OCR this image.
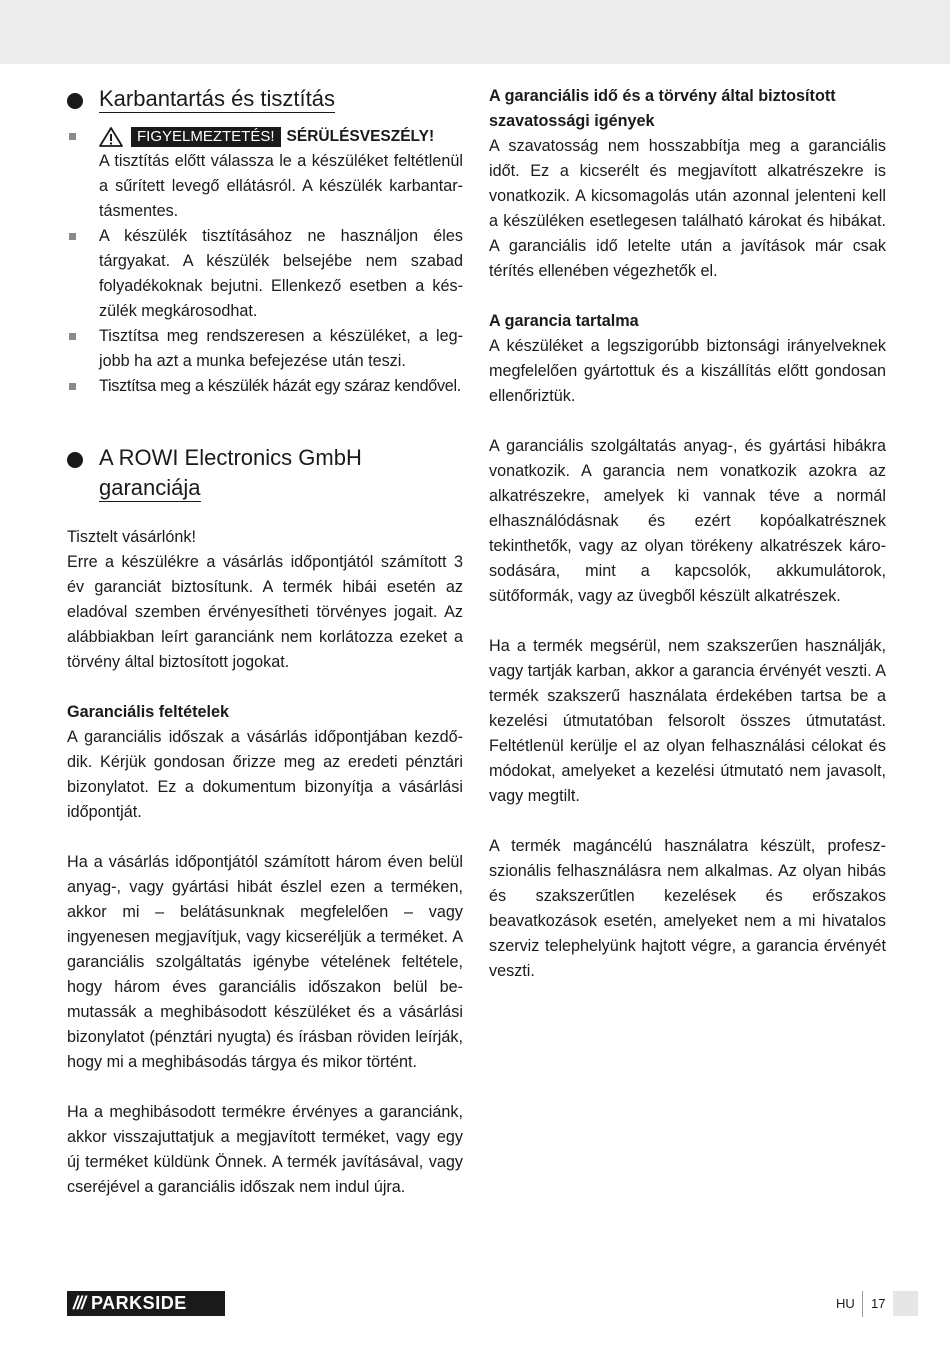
Karbantartás és tisztítás
FIGYELMEZTETÉS! SÉRÜLÉSVESZÉLY!
A tisztítás előtt válassza le a készüléket feltétlenül a sűrített levegő ellátásról. A készülék karbantartásmentes.
A készülék tisztításához ne használjon éles tárgyakat. A készülék belsejébe nem szabad folyadékoknak bejutni. Ellenkező esetben a készülék megkárosodhat.
Tisztítsa meg rendszeresen a készüléket, a legjobb ha azt a munka befejezése után teszi.
Tisztítsa meg a készülék házát egy száraz kendővel.
A ROWI Electronics GmbH
garanciája

Tisztelt vásárlónk!

Erre a készülékre a vásárlás időpontjától számított 3 év garanciát biztosítunk. A termék hibái esetén az eladóval szemben érvényesítheti törvényes jogait. Az alábbiakban leírt garanciánk nem korlátozza ezeket a törvény által biztosított jogokat.

Garanciális feltételek

A garanciális időszak a vásárlás időpontjában kezdődik. Kérjük gondosan őrizze meg az eredeti pénztári bizonylatot. Ez a dokumentum bizonyítja a vásárlási időpontját.

Ha a vásárlás időpontjától számított három éven belül anyag-, vagy gyártási hibát észlel ezen a terméken, akkor mi – belátásunknak megfelelően – vagy ingyenesen megjavítjuk, vagy kicseréljük a terméket. A garanciális szolgáltatás igénybe vételének feltétele, hogy három éves garanciális időszakon belül bemutassák a meghibásodott készüléket és a vásárlási bizonylatot (pénztári nyugta) és írásban röviden leírják, hogy mi a meghibásodás tárgya és mikor történt.

Ha a meghibásodott termékre érvényes a garanciánk, akkor visszajuttatjuk a megjavított terméket, vagy egy új terméket küldünk Önnek. A termék javításával, vagy cseréjével a garanciális időszak nem indul újra.

A garanciális idő és a törvény által biztosított szavatossági igények

A szavatosság nem hosszabbítja meg a garanciális időt. Ez a kicserélt és megjavított alkatrészekre is vonatkozik. A kicsomagolás után azonnal jelenteni kell a készüléken esetlegesen található károkat és hibákat. A garanciális idő letelte után a javítások már csak térítés ellenében végezhetők el.

A garancia tartalma

A készüléket a legszigorúbb biztonsági irányelveknek megfelelően gyártottuk és a kiszállítás előtt gondosan ellenőriztük.

A garanciális szolgáltatás anyag-, és gyártási hibákra vonatkozik. A garancia nem vonatkozik azokra az alkatrészekre, amelyek ki vannak téve a normál elhasználódásnak és ezért kopóalkatrésznek tekinthetők, vagy az olyan törékeny alkatrészek károsodására, mint a kapcsolók, akkumulátorok, sütőformák, vagy az üvegből készült alkatrészek.

Ha a termék megsérül, nem szakszerűen használják, vagy tartják karban, akkor a garancia érvényét veszti. A termék szakszerű használata érdekében tartsa be a kezelési útmutatóban felsorolt összes útmutatást. Feltétlenül kerülje el az olyan felhasználási célokat és módokat, amelyeket a kezelési útmutató nem javasolt, vagy megtilt.

A termék magáncélú használatra készült, profeszszionális felhasználásra nem alkalmas. Az olyan hibás és szakszerűtlen kezelések és erőszakos beavatkozások esetén, amelyeket nem a mi hivatalos szerviz telephelyünk hajtott végre, a garancia érvényét veszti.

/// PARKSIDE	HU 17
